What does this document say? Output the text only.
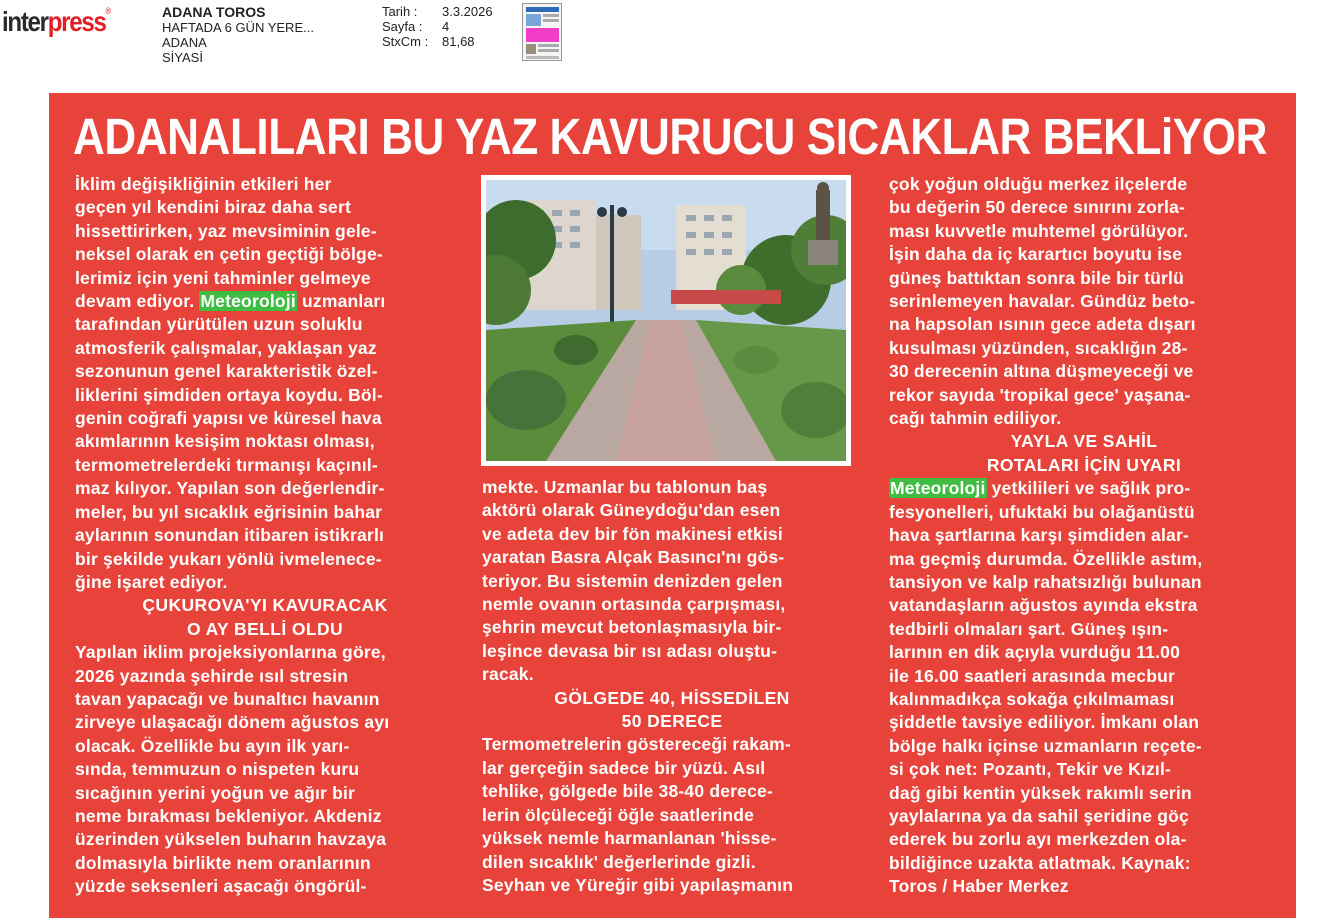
interpress®	ADANA TOROS
HAFTADA 6 GÜN YERE...
ADANA
SİYASİ
Tarih :	3.3.2026
Sayfa :	4
StxCm :	81,68
ADANALILARI BU YAZ KAVURUCU SICAKLAR BEKLiYOR

İklim değişikliğinin etkileri her

geçen yıl kendini biraz daha sert

hissettirirken, yaz mevsiminin gele-

neksel olarak en çetin geçtiği bölge-

lerimiz için yeni tahminler gelmeye

devam ediyor. Meteoroloji uzmanları

tarafından yürütülen uzun soluklu

atmosferik çalışmalar, yaklaşan yaz

sezonunun genel karakteristik özel-

liklerini şimdiden ortaya koydu. Böl-

genin coğrafi yapısı ve küresel hava

akımlarının kesişim noktası olması,

termometrelerdeki tırmanışı kaçınıl-

maz kılıyor. Yapılan son değerlendir-

meler, bu yıl sıcaklık eğrisinin bahar

aylarının sonundan itibaren istikrarlı

bir şekilde yukarı yönlü ivmelenece-

ğine işaret ediyor.

ÇUKUROVA'YI KAVURACAK

O AY BELLİ OLDU

Yapılan iklim projeksiyonlarına göre,

2026 yazında şehirde ısıl stresin

tavan yapacağı ve bunaltıcı havanın

zirveye ulaşacağı dönem ağustos ayı

olacak. Özellikle bu ayın ilk yarı-

sında, temmuzun o nispeten kuru

sıcağının yerini yoğun ve ağır bir

neme bırakması bekleniyor. Akdeniz

üzerinden yükselen buharın havzaya

dolmasıyla birlikte nem oranlarının

yüzde seksenleri aşacağı öngörül-

mekte. Uzmanlar bu tablonun baş

aktörü olarak Güneydoğu'dan esen

ve adeta dev bir fön makinesi etkisi

yaratan Basra Alçak Basıncı'nı gös-

teriyor. Bu sistemin denizden gelen

nemle ovanın ortasında çarpışması,

şehrin mevcut betonlaşmasıyla bir-

leşince devasa bir ısı adası oluştu-

racak.

GÖLGEDE 40, HİSSEDİLEN

50 DERECE

Termometrelerin göstereceği rakam-

lar gerçeğin sadece bir yüzü. Asıl

tehlike, gölgede bile 38-40 derece-

lerin ölçüleceği öğle saatlerinde

yüksek nemle harmanlanan 'hisse-

dilen sıcaklık' değerlerinde gizli.

Seyhan ve Yüreğir gibi yapılaşmanın

çok yoğun olduğu merkez ilçelerde

bu değerin 50 derece sınırını zorla-

ması kuvvetle muhtemel görülüyor.

İşin daha da iç karartıcı boyutu ise

güneş battıktan sonra bile bir türlü

serinlemeyen havalar. Gündüz beto-

na hapsolan ısının gece adeta dışarı

kusulması yüzünden, sıcaklığın 28-

30 derecenin altına düşmeyeceği ve

rekor sayıda 'tropikal gece' yaşana-

cağı tahmin ediliyor.

YAYLA VE SAHİL

ROTALARI İÇİN UYARI

Meteoroloji yetkilileri ve sağlık pro-

fesyonelleri, ufuktaki bu olağanüstü

hava şartlarına karşı şimdiden alar-

ma geçmiş durumda. Özellikle astım,

tansiyon ve kalp rahatsızlığı bulunan

vatandaşların ağustos ayında ekstra

tedbirli olmaları şart. Güneş ışın-

larının en dik açıyla vurduğu 11.00

ile 16.00 saatleri arasında mecbur

kalınmadıkça sokağa çıkılmaması

şiddetle tavsiye ediliyor. İmkanı olan

bölge halkı içinse uzmanların reçete-

si çok net: Pozantı, Tekir ve Kızıl-

dağ gibi kentin yüksek rakımlı serin

yaylalarına ya da sahil şeridine göç

ederek bu zorlu ayı merkezden ola-

bildiğince uzakta atlatmak. Kaynak:

Toros / Haber Merkez
